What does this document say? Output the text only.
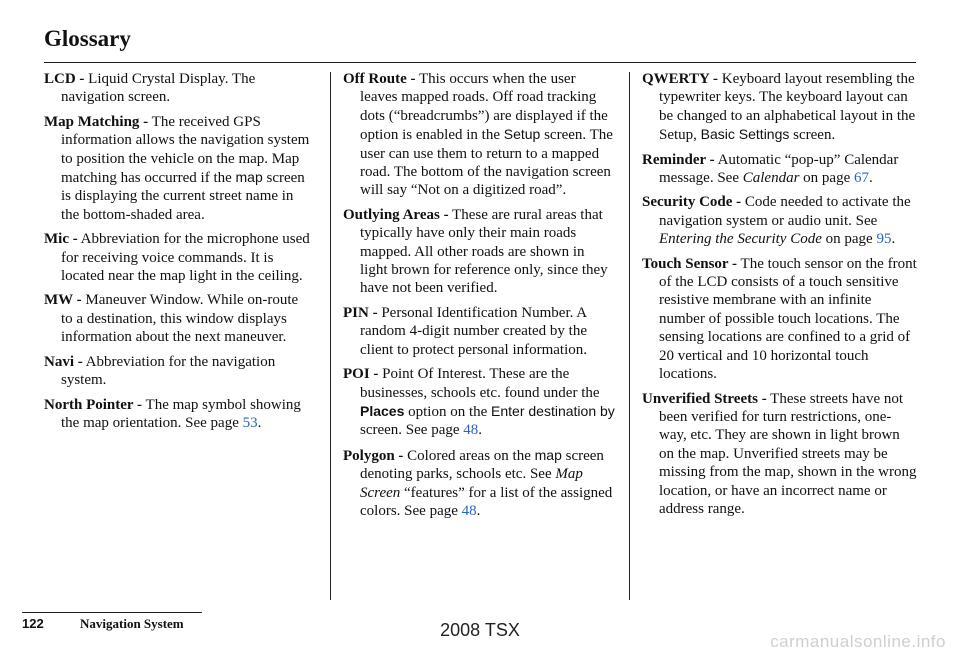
Glossary

LCD - Liquid Crystal Display. The navigation screen.

Map Matching - The received GPS information allows the navigation system to position the vehicle on the map. Map matching has occurred if the map screen is displaying the current street name in the bottom-shaded area.

Mic - Abbreviation for the microphone used for receiving voice commands. It is located near the map light in the ceiling.

MW - Maneuver Window. While on-route to a destination, this window displays information about the next maneuver.

Navi - Abbreviation for the navigation system.

North Pointer - The map symbol showing the map orientation. See page 53.

Off Route - This occurs when the user leaves mapped roads. Off road tracking dots (“breadcrumbs”) are displayed if the option is enabled in the Setup screen. The user can use them to return to a mapped road. The bottom of the navigation screen will say “Not on a digitized road”.

Outlying Areas - These are rural areas that typically have only their main roads mapped. All other roads are shown in light brown for reference only, since they have not been verified.

PIN - Personal Identification Number. A random 4-digit number created by the client to protect personal information.

POI - Point Of Interest. These are the businesses, schools etc. found under the Places option on the Enter destination by screen. See page 48.

Polygon - Colored areas on the map screen denoting parks, schools etc. See Map Screen “features” for a list of the assigned colors. See page 48.

QWERTY - Keyboard layout resembling the typewriter keys. The keyboard layout can be changed to an alphabetical layout in the Setup, Basic Settings screen.

Reminder - Automatic “pop-up” Calendar message. See Calendar on page 67.

Security Code - Code needed to activate the navigation system or audio unit. See Entering the Security Code on page 95.

Touch Sensor - The touch sensor on the front of the LCD consists of a touch sensitive resistive membrane with an infinite number of possible touch locations. The sensing locations are confined to a grid of 20 vertical and 10 horizontal touch locations.

Unverified Streets - These streets have not been verified for turn restrictions, one-way, etc. They are shown in light brown on the map. Unverified streets may be missing from the map, shown in the wrong location, or have an incorrect name or address range.

122	Navigation System	2008 TSX
carmanualsonline.info
